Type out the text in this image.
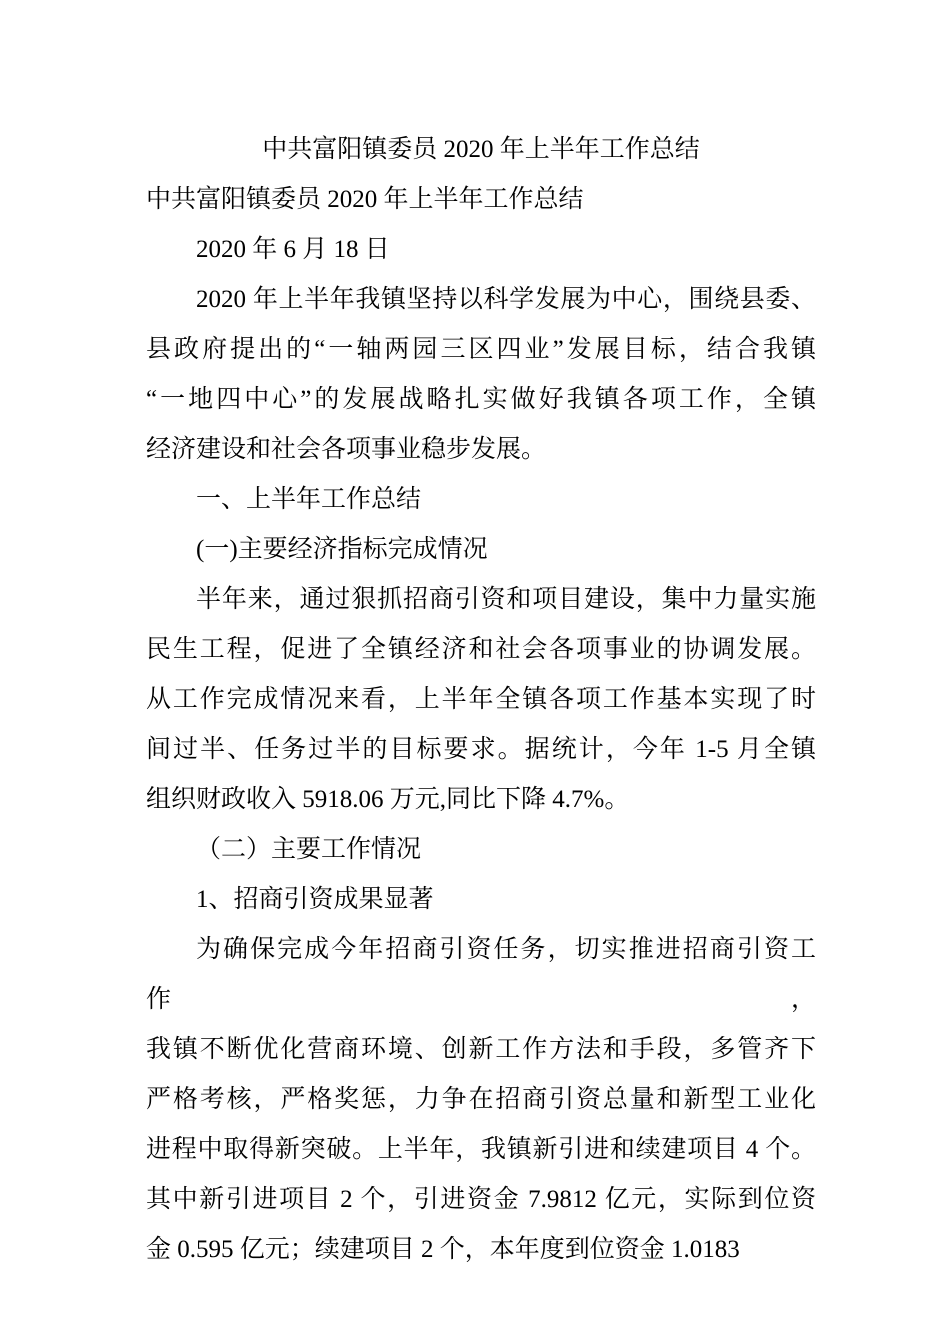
中共富阳镇委员 2020 年上半年工作总结
中共富阳镇委员 2020 年上半年工作总结
2020 年 6 月 18 日
2020 年上半年我镇坚持以科学发展为中心，围绕县委、
县政府提出的“一轴两园三区四业”发展目标，结合我镇
“一地四中心”的发展战略扎实做好我镇各项工作，全镇
经济建设和社会各项事业稳步发展。
一、上半年工作总结
(一)主要经济指标完成情况
半年来，通过狠抓招商引资和项目建设，集中力量实施
民生工程，促进了全镇经济和社会各项事业的协调发展。
从工作完成情况来看，上半年全镇各项工作基本实现了时
间过半、任务过半的目标要求。据统计，今年 1-5 月全镇
组织财政收入 5918.06 万元,同比下降 4.7%。
（二）主要工作情况
1、招商引资成果显著
为确保完成今年招商引资任务，切实推进招商引资工作，
我镇不断优化营商环境、创新工作方法和手段，多管齐下
严格考核，严格奖惩，力争在招商引资总量和新型工业化
进程中取得新突破。上半年，我镇新引进和续建项目 4 个。
其中新引进项目 2 个，引进资金 7.9812 亿元，实际到位资
金 0.595 亿元；续建项目 2 个，本年度到位资金 1.0183
